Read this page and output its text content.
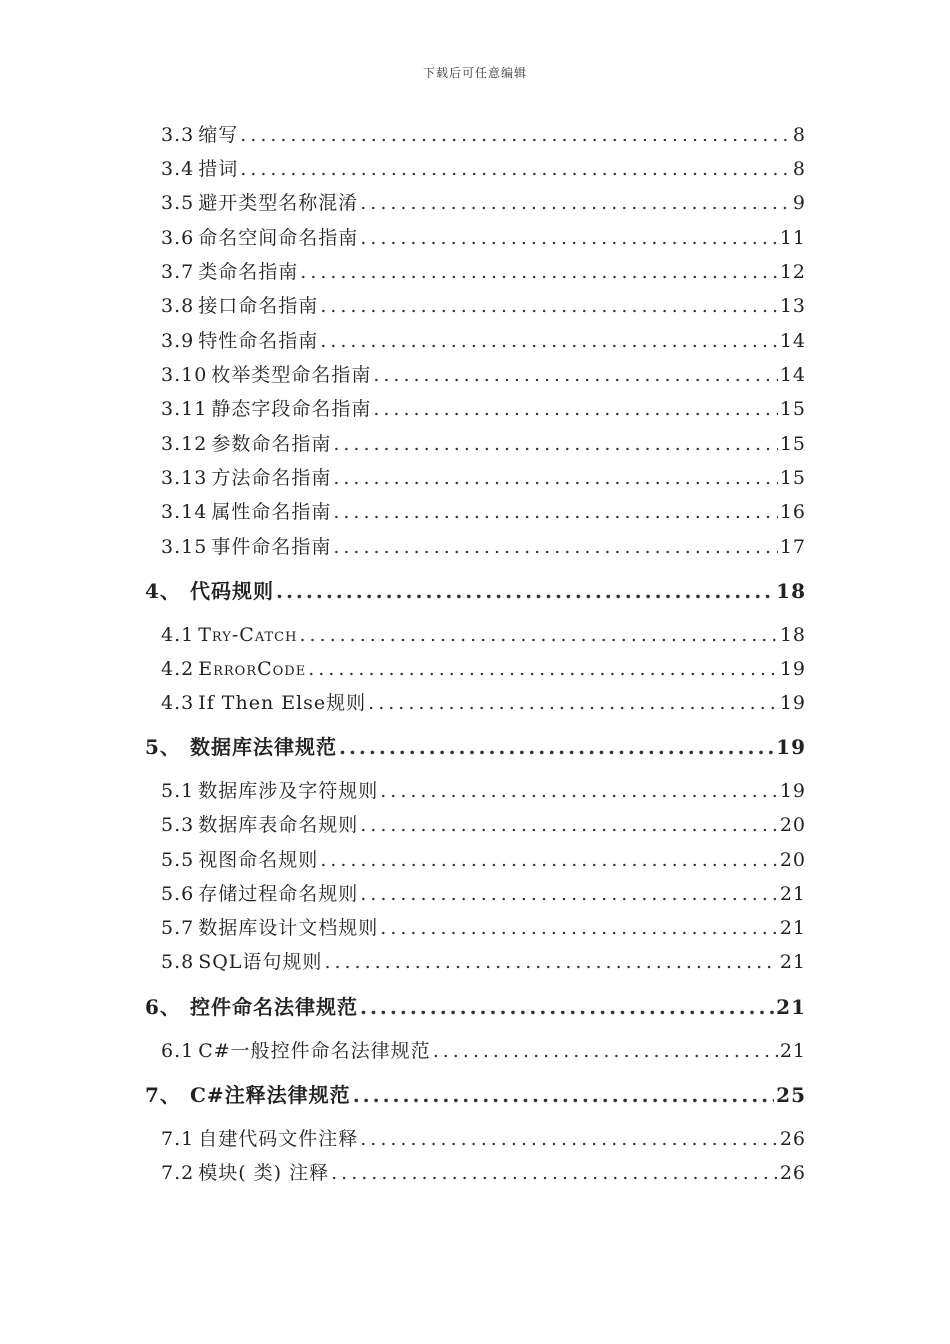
下载后可任意编辑
3.3 缩写 .....	8
3.4 措词 .....	8
3.5 避开类型名称混淆 .....	9
3.6 命名空间命名指南 .....	11
3.7 类命名指南 .....	12
3.8 接口命名指南 .....	13
3.9 特性命名指南 .....	14
3.10 枚举类型命名指南 .....	14
3.11 静态字段命名指南 .....	15
3.12 参数命名指南 .....	15
3.13 方法命名指南 .....	15
3.14 属性命名指南 .....	16
3.15 事件命名指南 .....	17
4、 代码规则 .....	18
4.1 Try-Catch .....	18
4.2 ErrorCode .....	19
4.3 If Then Else规则 .....	19
5、 数据库法律规范 .....	19
5.1 数据库涉及字符规则 .....	19
5.3 数据库表命名规则 .....	20
5.5 视图命名规则 .....	20
5.6 存储过程命名规则 .....	21
5.7 数据库设计文档规则 .....	21
5.8 SQL语句规则 .....	21
6、 控件命名法律规范 .....	21
6.1 C#一般控件命名法律规范 .....	21
7、 C#注释法律规范 .....	25
7.1 自建代码文件注释 .....	26
7.2 模块( 类) 注释 .....	26
